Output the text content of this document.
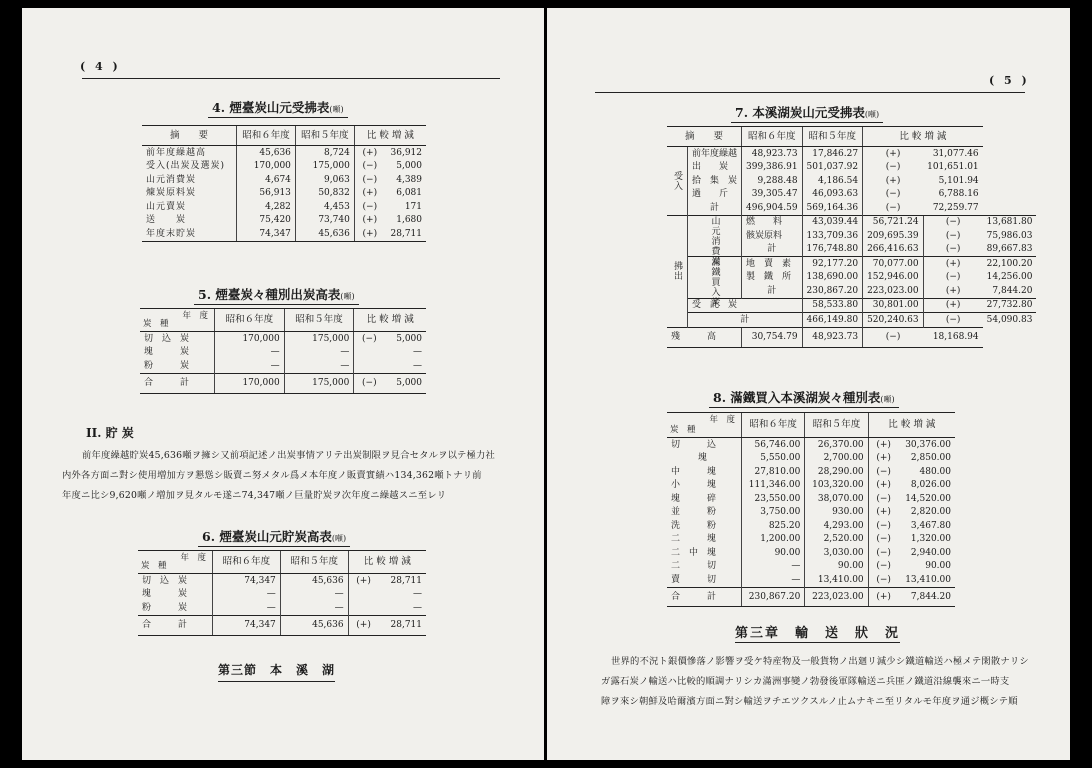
( 4 )
4. 煙臺炭山元受拂表(噸)
摘　　要	昭和６年度	昭和５年度	比 較 増 減	
前年度繰越高	45,636	8,724	(+)	36,912
受入(出炭及選炭)	170,000	175,000	(−)	5,000
山元消費炭	4,674	9,063	(−)	4,389
煉炭原料炭	56,913	50,832	(+)	6,081
山元賣炭	4,282	4,453	(−)	171
送　　炭	75,420	73,740	(+)	1,680
年度末貯炭	74,347	45,636	(+)	28,711
5. 煙臺炭々種別出炭高表(噸)
年　度
炭　種	昭和６年度	昭和５年度	比 較 増 減	
切　込　炭	170,000	175,000	(−)	5,000
塊　　　炭	—	—		—
粉　　　炭	—	—		—
合　　　計	170,000	175,000	(−)	5,000
II. 貯 炭
前年度繰越貯炭45,636噸ヲ擁シ又前項記述ノ出炭事情アリテ出炭制限ヲ見合セタルヲ以テ極力社
内外各方面ニ對シ使用増加方ヲ懇慫シ販賣ニ努メタル爲メ本年度ノ販賣實績ハ134,362噸トナリ前
年度ニ比シ9,620噸ノ増加ヲ見タルモ遂ニ74,347噸ノ巨量貯炭ヲ次年度ニ繰越スニ至レリ
6. 煙臺炭山元貯炭高表(噸)
年　度
炭　種	昭和６年度	昭和５年度	比 較 増 減	
切　込　炭	74,347	45,636	(+)	28,711
塊　　　炭	—	—		—
粉　　　炭	—	—		—
合　　　計	74,347	45,636	(+)	28,711
第三節　本　溪　湖
( 5 )
7. 本溪湖炭山元受拂表(噸)
摘　　要		昭和６年度	昭和５年度	比 較 増 減		
受入	前年度繰越	48,923.73	17,846.27	(+)	31,077.46	
	出　　炭	399,386.91	501,037.92	(−)	101,651.01	
	拾　集　炭	9,288.48	4,186.54	(+)	5,101.94	
	過　　斤	39,305.47	46,093.63	(−)	6,788.16	
	計	496,904.59	569,164.36	(−)	72,259.77	
拂出	山元消費炭	燃　　料	43,039.44	56,721.24	(−)	13,681.80
		骸炭原料	133,709.36	209,695.39	(−)	75,986.03
		計	176,748.80	266,416.63	(−)	89,667.83
	滿鐵買入炭	地　賣　素	92,177.20	70,077.00	(+)	22,100.20
		製　鐵　所	138,690.00	152,946.00	(−)	14,256.00
		計	230,867.20	223,023.00	(+)	7,844.20
	受　託　炭		58,533.80	30,801.00	(+)	27,732.80
	計		466,149.80	520,240.63	(−)	54,090.83
殘　　　高		30,754.79	48,923.73	(−)	18,168.94	
8. 滿鐵買入本溪湖炭々種別表(噸)
年　度
炭　種	昭和６年度	昭和５年度	比 較 増 減	
切　　　込	56,746.00	26,370.00	(+)	30,376.00
　　　塊	5,550.00	2,700.00	(+)	2,850.00
中　　　塊	27,810.00	28,290.00	(−)	480.00
小　　　塊	111,346.00	103,320.00	(+)	8,026.00
塊　　　碎	23,550.00	38,070.00	(−)	14,520.00
並　　　粉	3,750.00	930.00	(+)	2,820.00
洗　　　粉	825.20	4,293.00	(−)	3,467.80
二　　　塊	1,200.00	2,520.00	(−)	1,320.00
二　中　塊	90.00	3,030.00	(−)	2,940.00
二　　　切	—	90.00	(−)	90.00
賣　　　切	—	13,410.00	(−)	13,410.00
合　　　計	230,867.20	223,023.00	(+)	7,844.20
第三章　輸　送　狀　況
世界的不況ト銀價慘落ノ影響ヲ受ケ特産物及一般貨物ノ出廻リ減少シ鐵道輸送ハ極メテ閑散ナリシ
ガ露石炭ノ輸送ハ比較的順調ナリシカ滿洲事變ノ勃發後軍隊輸送ニ兵匪ノ鐵道沿線襲來ニ一時支
障ヲ來シ朝鮮及哈爾濱方面ニ對シ輸送ヲチエツクスルノ止ムナキニ至リタルモ年度ヲ通ジ概シテ順
